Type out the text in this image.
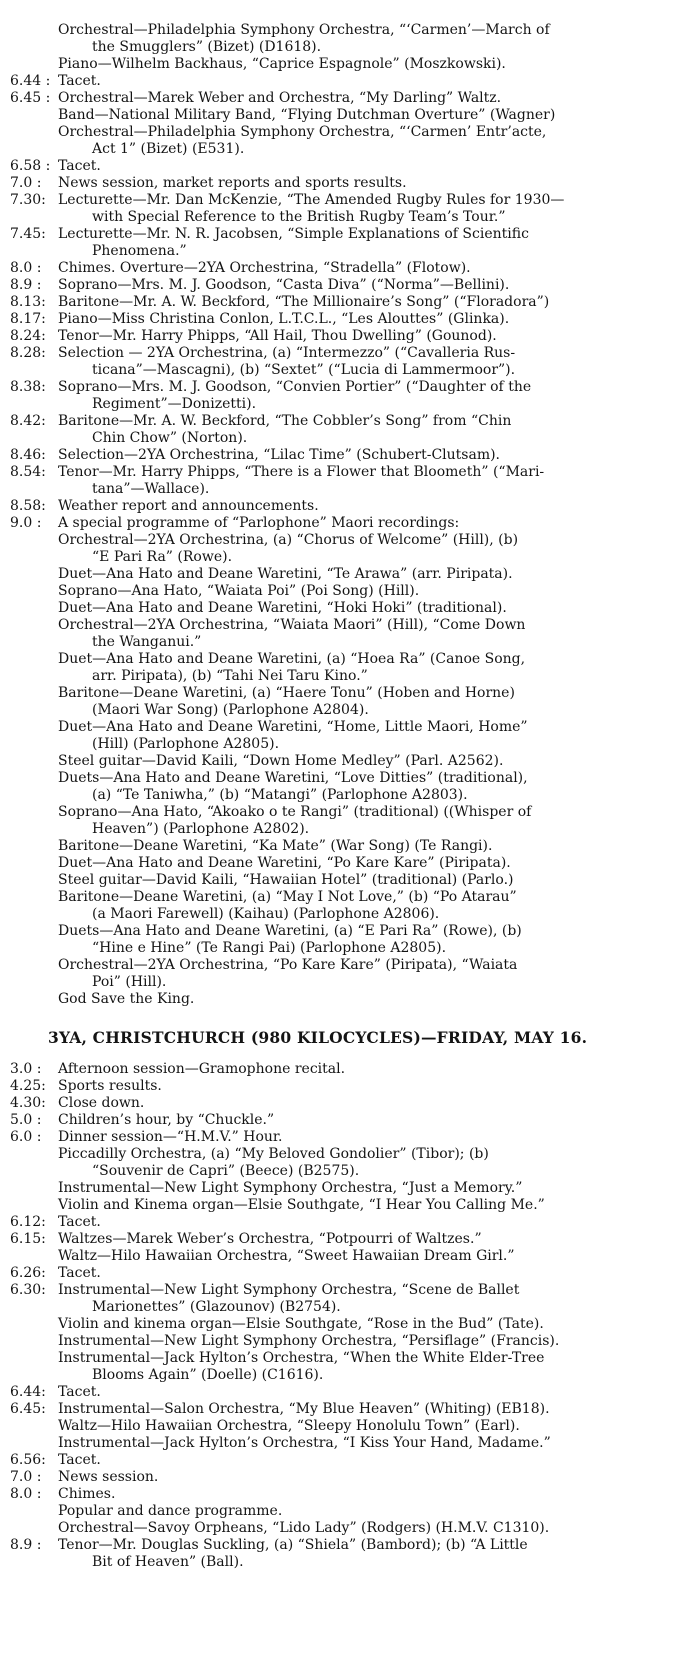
Orchestral—Philadelphia Symphony Orchestra, “‘Carmen’—March of
the Smugglers” (Bizet) (D1618).
Piano—Wilhelm Backhaus, “Caprice Espagnole” (Moszkowski).
6.44 : Tacet.
6.45 : Orchestral—Marek Weber and Orchestra, “My Darling” Waltz.
Band—National Military Band, “Flying Dutchman Overture” (Wagner)
Orchestral—Philadelphia Symphony Orchestra, “‘Carmen’ Entr’acte,
Act 1” (Bizet) (E531).
6.58 : Tacet.
7.0 :	News session, market reports and sports results.
7.30: Lecturette—Mr. Dan McKenzie, “The Amended Rugby Rules for 1930—
with Special Reference to the British Rugby Team’s Tour.”
7.45: Lecturette—Mr. N. R. Jacobsen, “Simple Explanations of Scientific
Phenomena.”
8.0 :	Chimes. Overture—2YA Orchestrina, “Stradella” (Flotow).
8.9 :	Soprano—Mrs. M. J. Goodson, “Casta Diva” (“Norma”—Bellini).
8.13: Baritone—Mr. A. W. Beckford, “The Millionaire’s Song” (“Floradora”)
8.17: Piano—Miss Christina Conlon, L.T.C.L., “Les Alouttes” (Glinka).
8.24: Tenor—Mr. Harry Phipps, “All Hail, Thou Dwelling” (Gounod).
8.28: Selection — 2YA Orchestrina, (a) “Intermezzo” (“Cavalleria Rus-
ticana”—Mascagni), (b) “Sextet” (“Lucia di Lammermoor”).
8.38: Soprano—Mrs. M. J. Goodson, “Convien Portier” (“Daughter of the
Regiment”—Donizetti).
8.42: Baritone—Mr. A. W. Beckford, “The Cobbler’s Song” from “Chin
Chin Chow” (Norton).
8.46: Selection—2YA Orchestrina, “Lilac Time” (Schubert-Clutsam).
8.54: Tenor—Mr. Harry Phipps, “There is a Flower that Bloometh” (“Mari-
tana”—Wallace).
8.58: Weather report and announcements.
9.0 :	A special programme of “Parlophone” Maori recordings:
Orchestral—2YA Orchestrina, (a) “Chorus of Welcome” (Hill), (b)
“E Pari Ra” (Rowe).
Duet—Ana Hato and Deane Waretini, “Te Arawa” (arr. Piripata).
Soprano—Ana Hato, “Waiata Poi” (Poi Song) (Hill).
Duet—Ana Hato and Deane Waretini, “Hoki Hoki” (traditional).
Orchestral—2YA Orchestrina, “Waiata Maori” (Hill), “Come Down
the Wanganui.”
Duet—Ana Hato and Deane Waretini, (a) “Hoea Ra” (Canoe Song,
arr. Piripata), (b) “Tahi Nei Taru Kino.”
Baritone—Deane Waretini, (a) “Haere Tonu” (Hoben and Horne)
(Maori War Song) (Parlophone A2804).
Duet—Ana Hato and Deane Waretini, “Home, Little Maori, Home”
(Hill) (Parlophone A2805).
Steel guitar—David Kaili, “Down Home Medley” (Parl. A2562).
Duets—Ana Hato and Deane Waretini, “Love Ditties” (traditional),
(a) “Te Taniwha,” (b) “Matangi” (Parlophone A2803).
Soprano—Ana Hato, “Akoako o te Rangi” (traditional) ((Whisper of
Heaven”) (Parlophone A2802).
Baritone—Deane Waretini, “Ka Mate” (War Song) (Te Rangi).
Duet—Ana Hato and Deane Waretini, “Po Kare Kare” (Piripata).
Steel guitar—David Kaili, “Hawaiian Hotel” (traditional) (Parlo.)
Baritone—Deane Waretini, (a) “May I Not Love,” (b) “Po Atarau”
(a Maori Farewell) (Kaihau) (Parlophone A2806).
Duets—Ana Hato and Deane Waretini, (a) “E Pari Ra” (Rowe), (b)
“Hine e Hine” (Te Rangi Pai) (Parlophone A2805).
Orchestral—2YA Orchestrina, “Po Kare Kare” (Piripata), “Waiata
Poi” (Hill).
God Save the King.
3YA, CHRISTCHURCH (980 KILOCYCLES)—FRIDAY, MAY 16.
3.0 :	Afternoon session—Gramophone recital.
4.25: Sports results.
4.30: Close down.
5.0 :	Children’s hour, by “Chuckle.”
6.0 :	Dinner session—“H.M.V.” Hour.
Piccadilly Orchestra, (a) “My Beloved Gondolier” (Tibor); (b)
“Souvenir de Capri” (Beece) (B2575).
Instrumental—New Light Symphony Orchestra, “Just a Memory.”
Violin and Kinema organ—Elsie Southgate, “I Hear You Calling Me.”
6.12: Tacet.
6.15: Waltzes—Marek Weber’s Orchestra, “Potpourri of Waltzes.”
Waltz—Hilo Hawaiian Orchestra, “Sweet Hawaiian Dream Girl.”
6.26: Tacet.
6.30: Instrumental—New Light Symphony Orchestra, “Scene de Ballet
Marionettes” (Glazounov) (B2754).
Violin and kinema organ—Elsie Southgate, “Rose in the Bud” (Tate).
Instrumental—New Light Symphony Orchestra, “Persiflage” (Francis).
Instrumental—Jack Hylton’s Orchestra, “When the White Elder-Tree
Blooms Again” (Doelle) (C1616).
6.44: Tacet.
6.45: Instrumental—Salon Orchestra, “My Blue Heaven” (Whiting) (EB18).
Waltz—Hilo Hawaiian Orchestra, “Sleepy Honolulu Town” (Earl).
Instrumental—Jack Hylton’s Orchestra, “I Kiss Your Hand, Madame.”
6.56: Tacet.
7.0 :	News session.
8.0 :	Chimes.
Popular and dance programme.
Orchestral—Savoy Orpheans, “Lido Lady” (Rodgers) (H.M.V. C1310).
8.9 :	Tenor—Mr. Douglas Suckling, (a) “Shiela” (Bambord); (b) “A Little
Bit of Heaven” (Ball).
